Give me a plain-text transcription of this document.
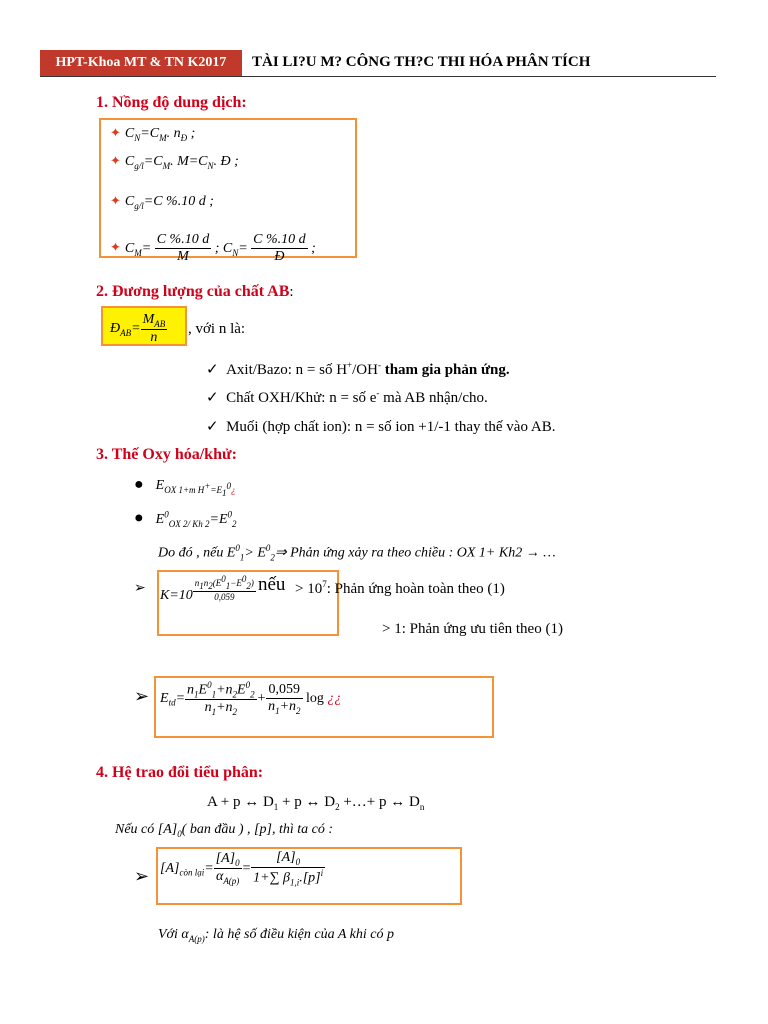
HPT-Khoa MT & TN K2017	TÀI LI?U M? CÔNG TH?C THI HÓA PHÂN TÍCH
1. Nồng độ dung dịch:
✦ $C_N=C_M$. $n_Đ$ ;
✦ $C_{g/l}=C_M$. $M=C_N$. Đ ;
✦ $C_{g/l}=C$ %.10 d ;
✦ $C_M= \frac{C \%.10 d}{M}$ ; $C_N= \frac{C \%.10 d}{Đ}$ ;
2. Đương lượng của chất AB:
$Đ_{AB}= \frac{M_{AB}}{n}$ , với n là:
✓ Axit/Bazo: n = số H+/OH- tham gia phản ứng.
✓ Chất OXH/Khử: n = số e- mà AB nhận/cho.
✓ Muối (hợp chất ion): n = số ion +1/-1 thay thế vào AB.
3. Thế Oxy hóa/khử:
● $E_{OX 1+m H^+=E_1^0¿}$
● $E^0_{OX 2/ Kh 2}=E^0_2$
Do đó , nếu $E^0_1>$ $E^0_2\Rightarrow$ Phản ứng xảy ra theo chiều : OX 1+ Kh2 → …
➢ $K=10 \frac{n_1n_2(E^0_1-E^0_2)}{0,059}$ nếu > $10^7$: Phản ứng hoàn toàn theo (1)
> 1: Phản ứng ưu tiên theo (1)
➢ $E_{td}= \frac{n_1E^0_1+n_2E^0_2}{n_1+n_2} + \frac{0,059}{n_1+n_2}$ log ¿¿
4. Hệ trao đổi tiểu phân:
A + p ↔ $D_1 + p$ ↔ $D_2$ +…+ p ↔ $D_n$
Nếu có $[A]_0$( ban đầu ) , [p], thì ta có :
➢ $[A]_{còn lại}= \frac{[A]_0}{\alpha_{A(p)}} = \frac{[A]_0}{1+\sum \beta_{1,i}.[p]^i}$
Với $\alpha_{A(p)}$: là hệ số điều kiện của A khi có p
